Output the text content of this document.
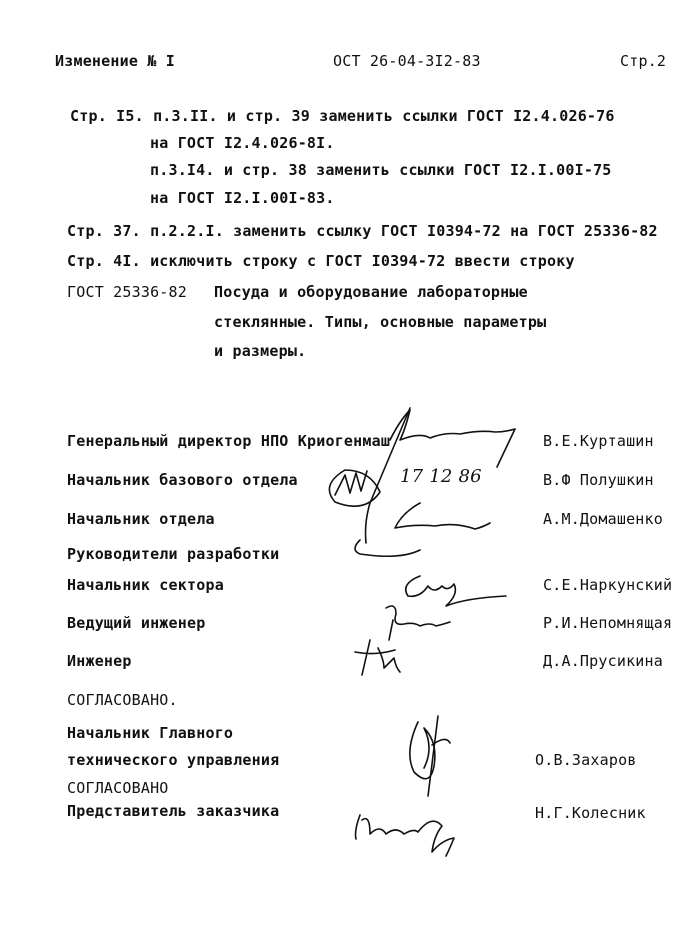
Изменение № I	ОСТ 26-04-3I2-83	Стр.2
Стр. I5. п.3.II. и стр. 39 заменить ссылки ГОСТ I2.4.026-76
на ГОСТ I2.4.026-8I.
п.3.I4. и стр. 38 заменить ссылки ГОСТ I2.I.00I-75
на ГОСТ I2.I.00I-83.
Стр. 37. п.2.2.I. заменить ссылку ГОСТ I0394-72 на ГОСТ 25336-82
Стр. 4I. исключить строку с ГОСТ I0394-72 ввести строку
ГОСТ 25336-82 Посуда и оборудование лабораторные
стеклянные. Типы, основные параметры
и размеры.
Генеральный директор НПО Криогенмаш	В.Е.Курташин
Начальник базового отдела	В.Ф Полушкин
Начальник отдела	А.М.Домашенко
17 12 86
Руководители разработки
Начальник сектора	С.Е.Наркунский
Ведущий инженер	Р.И.Непомнящая
Инженер	Д.А.Прусикина
СОГЛАСОВАНО.
Начальник Главного
технического управления	О.В.Захаров
СОГЛАСОВАНО
Представитель заказчика	Н.Г.Колесник
